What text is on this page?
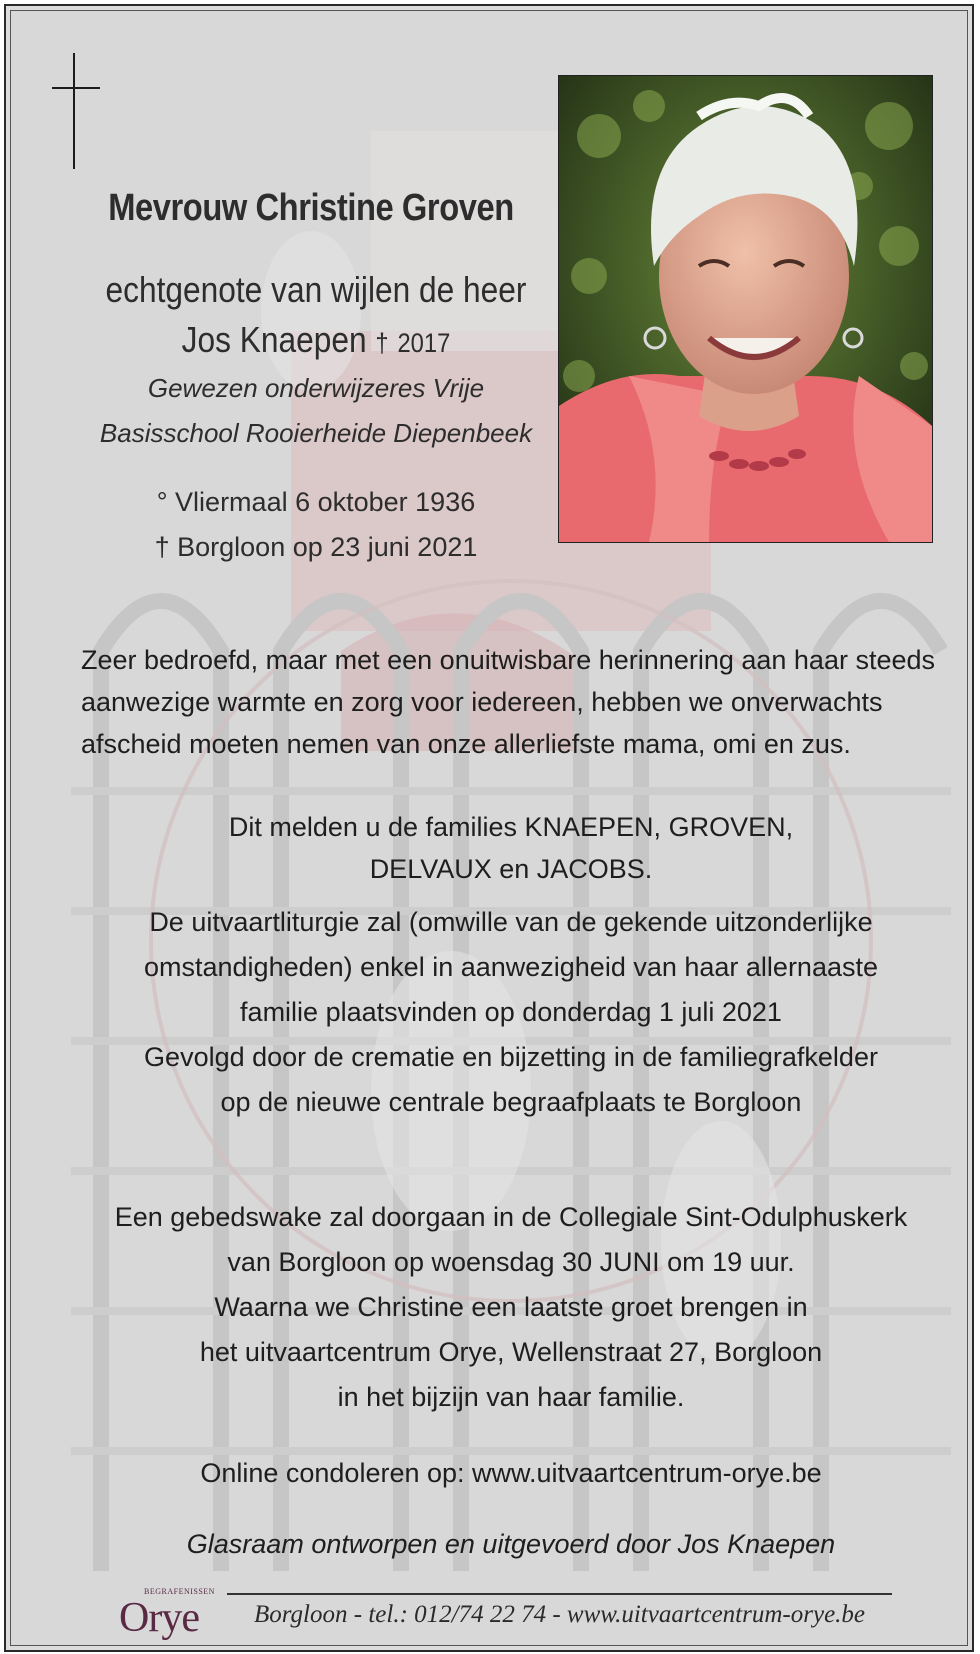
Mevrouw Christine Groven
echtgenote van wijlen de heer
Jos Knaepen † 2017
Gewezen onderwijzeres Vrije
Basisschool Rooierheide Diepenbeek
° Vliermaal 6 oktober 1936
† Borgloon op 23 juni 2021
Zeer bedroefd, maar met een onuitwisbare herinnering aan haar steeds aanwezige warmte en zorg voor iedereen, hebben we onverwachts afscheid moeten nemen van onze allerliefste mama, omi en zus.
Dit melden u de families KNAEPEN, GROVEN,
DELVAUX en JACOBS.
De uitvaartliturgie zal (omwille van de gekende uitzonderlijke
omstandigheden) enkel in aanwezigheid van haar allernaaste
familie plaatsvinden op donderdag 1 juli 2021
Gevolgd door de crematie en bijzetting in de familiegrafkelder
op de nieuwe centrale begraafplaats te Borgloon
Een gebedswake zal doorgaan in de Collegiale Sint-Odulphuskerk
van Borgloon op woensdag 30 JUNI om 19 uur.
Waarna we Christine een laatste groet brengen in
het uitvaartcentrum Orye, Wellenstraat 27, Borgloon
in het bijzijn van haar familie.
Online condoleren op: www.uitvaartcentrum-orye.be
Glasraam ontworpen en uitgevoerd door Jos Knaepen
BEGRAFENISSEN
Orye	Borgloon - tel.: 012/74 22 74 - www.uitvaartcentrum-orye.be
